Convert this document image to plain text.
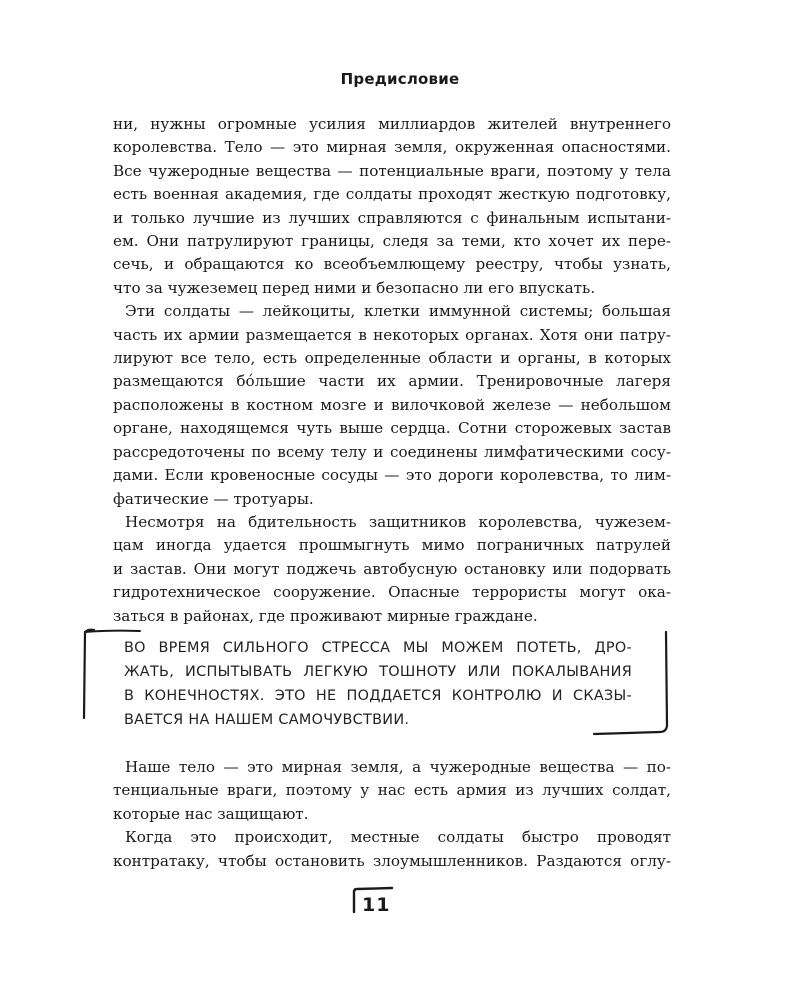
Предисловие
ни, нужны огромные усилия миллиардов жителей внутреннего
королевства. Тело — это мирная земля, окруженная опасностями.
Все чужеродные вещества — потенциальные враги, поэтому у тела
есть военная академия, где солдаты проходят жесткую подготовку,
и только лучшие из лучших справляются с финальным испытани-
ем. Они патрулируют границы, следя за теми, кто хочет их пере-
сечь, и обращаются ко всеобъемлющему реестру, чтобы узнать,
что за чужеземец перед ними и безопасно ли его впускать.
Эти солдаты — лейкоциты, клетки иммунной системы; большая
часть их армии размещается в некоторых органах. Хотя они патру-
лируют все тело, есть определенные области и органы, в которых
размещаются бóльшие части их армии. Тренировочные лагеря
расположены в костном мозге и вилочковой железе — небольшом
органе, находящемся чуть выше сердца. Сотни сторожевых застав
рассредоточены по всему телу и соединены лимфатическими сосу-
дами. Если кровеносные сосуды — это дороги королевства, то лим-
фатические — тротуары.
Несмотря на бдительность защитников королевства, чужезем-
цам иногда удается прошмыгнуть мимо пограничных патрулей
и застав. Они могут поджечь автобусную остановку или подорвать
гидротехническое сооружение. Опасные террористы могут ока-
заться в районах, где проживают мирные граждане.
ВО ВРЕМЯ СИЛЬНОГО СТРЕССА МЫ МОЖЕМ ПОТЕТЬ, ДРО-
ЖАТЬ, ИСПЫТЫВАТЬ ЛЕГКУЮ ТОШНОТУ ИЛИ ПОКАЛЫВАНИЯ
В КОНЕЧНОСТЯХ. ЭТО НЕ ПОДДАЕТСЯ КОНТРОЛЮ И СКАЗЫ-
ВАЕТСЯ НА НАШЕМ САМОЧУВСТВИИ.
Наше тело — это мирная земля, а чужеродные вещества — по-
тенциальные враги, поэтому у нас есть армия из лучших солдат,
которые нас защищают.
Когда это происходит, местные солдаты быстро проводят
контратаку, чтобы остановить злоумышленников. Раздаются оглу-
11
